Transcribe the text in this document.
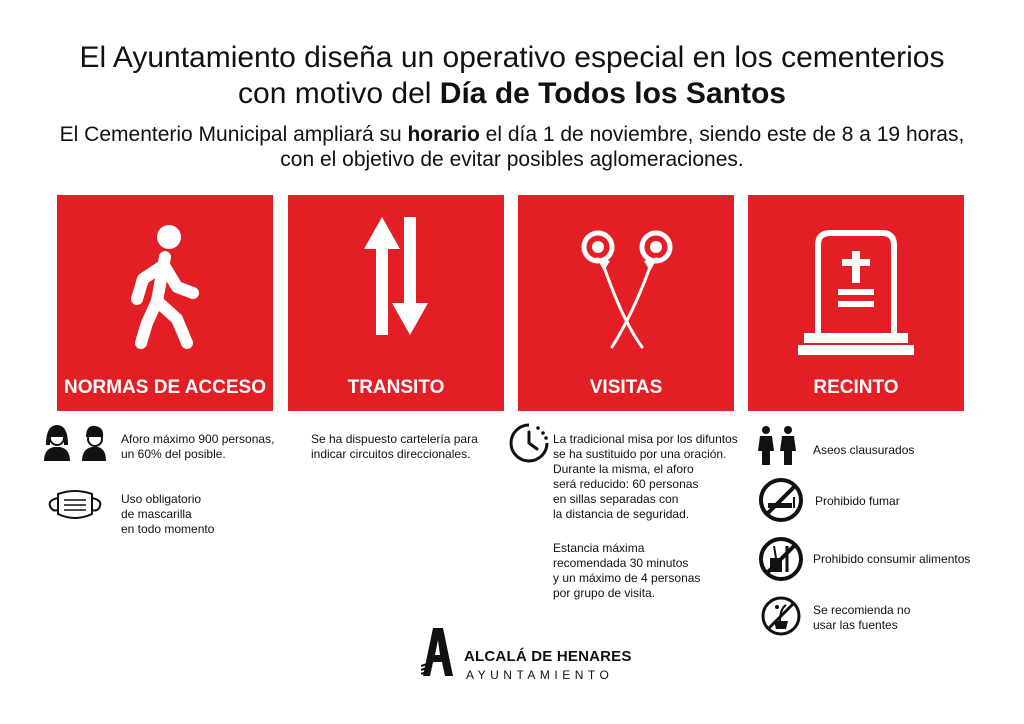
El Ayuntamiento diseña un operativo especial en los cementerios
con motivo del Día de Todos los Santos
El Cementerio Municipal ampliará su horario el día 1 de noviembre, siendo este de 8 a 19 horas,
con el objetivo de evitar posibles aglomeraciones.
NORMAS DE ACCESO	TRANSITO	VISITAS	RECINTO
Aforo máximo 900 personas,
un 60% del posible.
Uso obligatorio
de mascarilla
en todo momento
Se ha dispuesto cartelería para
indicar circuitos direccionales.
La tradicional misa por los difuntos
se ha sustituido por una oración.
Durante la misma, el aforo
será reducido: 60 personas
en sillas separadas con
la distancia de seguridad.
Estancia máxima
recomendada 30 minutos
y un máximo de 4 personas
por grupo de visita.
Aseos clausurados
Prohibido fumar
Prohibido consumir alimentos
Se recomienda no
usar las fuentes
ALCALÁ DE HENARES
AYUNTAMIENTO
